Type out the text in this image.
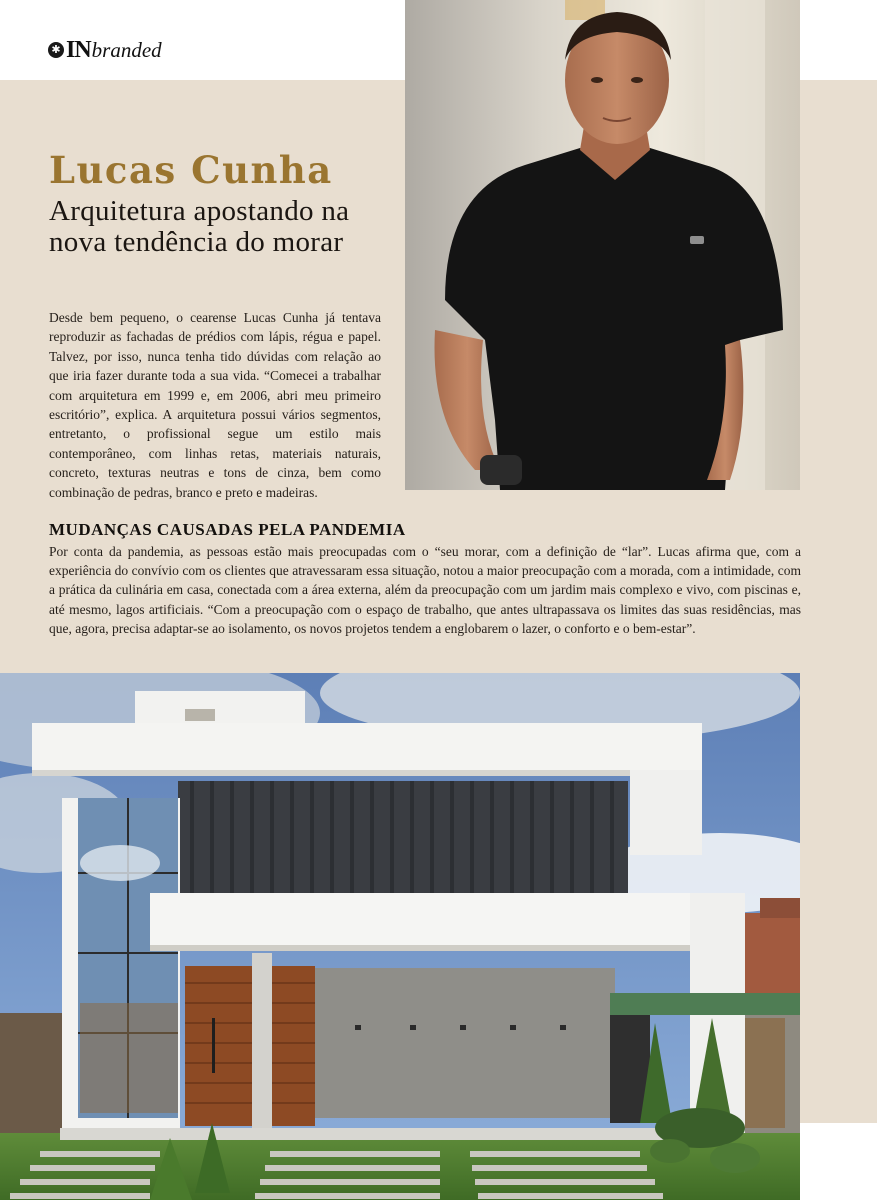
✱ IN branded
Lucas Cunha
Arquitetura apostando na nova tendência do morar

Desde bem pequeno, o cearense Lucas Cunha já tentava reproduzir as fachadas de prédios com lápis, régua e papel. Talvez, por isso, nunca tenha tido dúvidas com relação ao que iria fazer durante toda a sua vida. “Comecei a trabalhar com arquitetura em 1999 e, em 2006, abri meu primeiro escritório”, explica. A arquitetura possui vários segmentos, entretanto, o profissional segue um estilo mais contemporâneo, com linhas retas, materiais naturais, concreto, texturas neutras e tons de cinza, bem como combinação de pedras, branco e preto e madeiras.

MUDANÇAS CAUSADAS PELA PANDEMIA

Por conta da pandemia, as pessoas estão mais preocupadas com o “seu morar, com a definição de “lar”. Lucas afirma que, com a experiência do convívio com os clientes que atravessaram essa situação, notou a maior preocupação com a morada, com a intimidade, com a prática da culinária em casa, conectada com a área externa, além da preocupação com um jardim mais complexo e vivo, com piscinas e, até mesmo, lagos artificiais. “Com a preocupação com o espaço de trabalho, que antes ultrapassava os limites das suas residências, mas que, agora, precisa adaptar-se ao isolamento, os novos projetos tendem a englobarem o lazer, o conforto e o bem-estar”.
